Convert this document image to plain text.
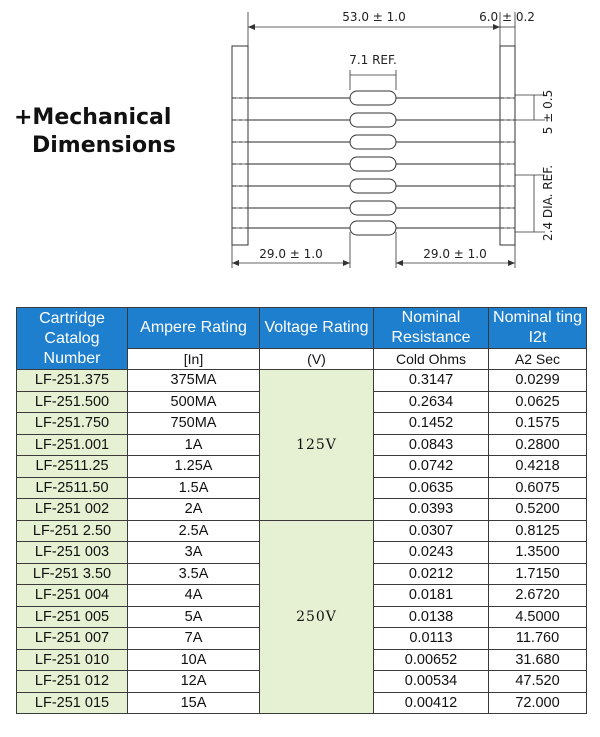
+Mechanical
Dimensions
53.0 ± 1.0	6.0 ± 0.2
7.1 REF.
5 ± 0.5
2.4 DIA. REF.
29.0 ± 1.0	29.0 ± 1.0
Cartridge Catalog Number	Ampere Rating	Voltage Rating	Nominal Resistance	Nominal ting I2t
	[In]	(V)	Cold Ohms	A2 Sec
LF-251.375	375MA	125V	0.3147	0.0299
LF-251.500	500MA		0.2634	0.0625
LF-251.750	750MA		0.1452	0.1575
LF-251.001	1A		0.0843	0.2800
LF-2511.25	1.25A		0.0742	0.4218
LF-2511.50	1.5A		0.0635	0.6075
LF-251 002	2A		0.0393	0.5200
LF-251 2.50	2.5A	250V	0.0307	0.8125
LF-251 003	3A		0.0243	1.3500
LF-251 3.50	3.5A		0.0212	1.7150
LF-251 004	4A		0.0181	2.6720
LF-251 005	5A		0.0138	4.5000
LF-251 007	7A		0.0113	11.760
LF-251 010	10A		0.00652	31.680
LF-251 012	12A		0.00534	47.520
LF-251 015	15A		0.00412	72.000
